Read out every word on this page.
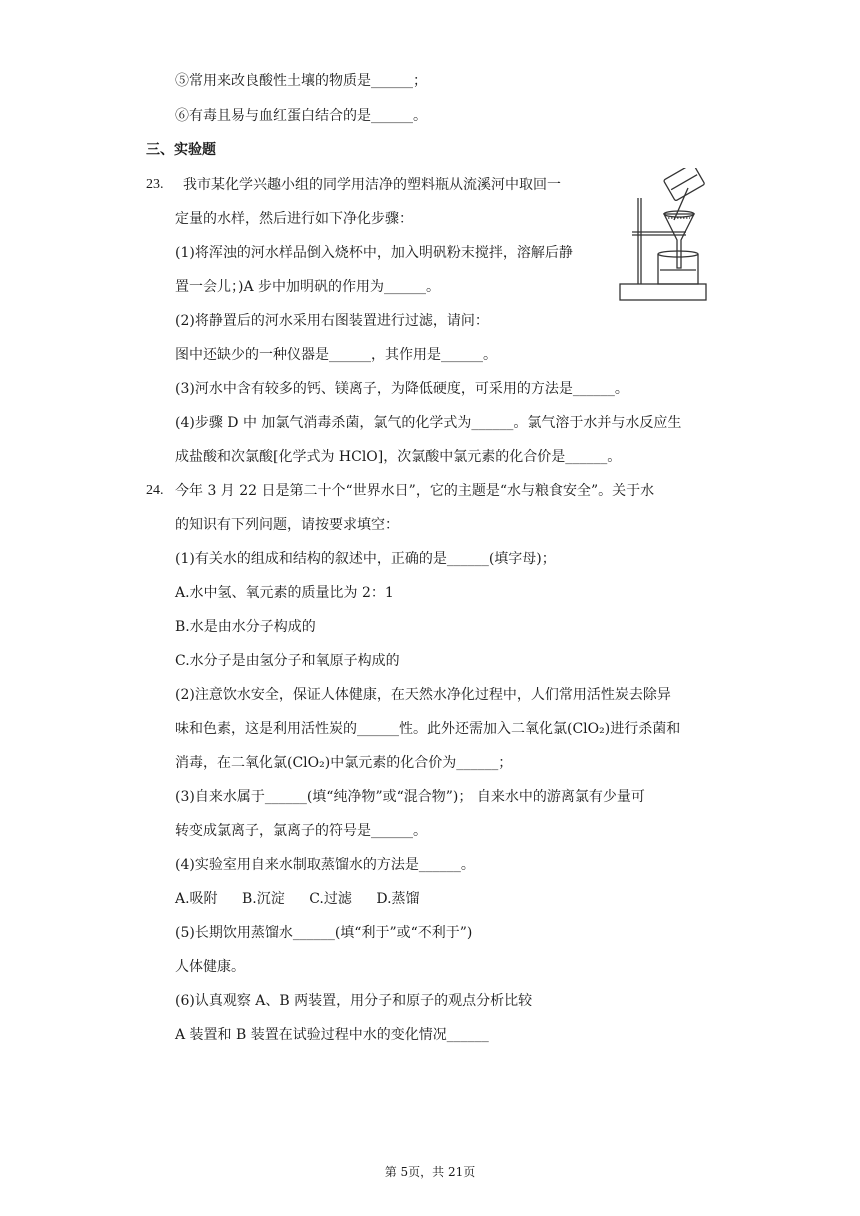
⑤常用来改良酸性土壤的物质是______；
⑥有毒且易与血红蛋白结合的是______。
三、实验题
23. 我市某化学兴趣小组的同学用洁净的塑料瓶从流溪河中取回一
定量的水样，然后进行如下净化步骤：
(1)将浑浊的河水样品倒入烧杯中，加入明矾粉末搅拌，溶解后静
置一会儿；)A 步中加明矾的作用为______。
(2)将静置后的河水采用右图装置进行过滤，请问：
图中还缺少的一种仪器是______，其作用是______。
(3)河水中含有较多的钙、镁离子，为降低硬度，可采用的方法是______。
(4)步骤 D 中 加氯气消毒杀菌，氯气的化学式为______。氯气溶于水并与水反应生
成盐酸和次氯酸[化学式为 HClO]，次氯酸中氯元素的化合价是______。
24. 今年 3 月 22 日是第二十个“世界水日”，它的主题是“水与粮食安全”。关于水
的知识有下列问题，请按要求填空：
(1)有关水的组成和结构的叙述中，正确的是______(填字母)；
A.水中氢、氧元素的质量比为 2：1
B.水是由水分子构成的
C.水分子是由氢分子和氧原子构成的
(2)注意饮水安全，保证人体健康，在天然水净化过程中，人们常用活性炭去除异
味和色素，这是利用活性炭的______性。此外还需加入二氧化氯(ClO₂)进行杀菌和
消毒，在二氧化氯(ClO₂)中氯元素的化合价为______；
(3)自来水属于______(填“纯净物”或“混合物”)； 自来水中的游离氯有少量可
转变成氯离子，氯离子的符号是______。
(4)实验室用自来水制取蒸馏水的方法是______。
A.吸附 B.沉淀 C.过滤 D.蒸馏
(5)长期饮用蒸馏水______(填“利于”或“不利于”)
人体健康。
(6)认真观察 A、B 两装置，用分子和原子的观点分析比较
A 装置和 B 装置在试验过程中水的变化情况______
第 5页，共 21页
